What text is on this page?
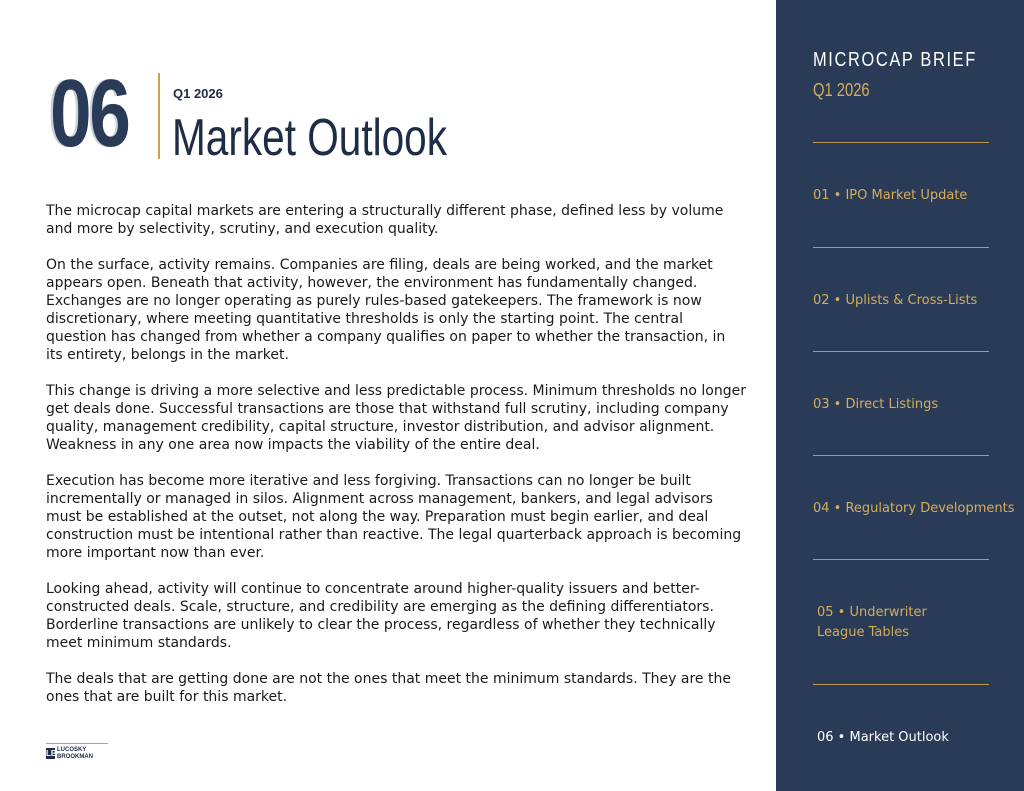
06	Q1 2026
Market Outlook

The microcap capital markets are entering a structurally different phase, defined less by volume and more by selectivity, scrutiny, and execution quality.

On the surface, activity remains. Companies are filing, deals are being worked, and the market appears open. Beneath that activity, however, the environment has fundamentally changed. Exchanges are no longer operating as purely rules-based gatekeepers. The framework is now discretionary, where meeting quantitative thresholds is only the starting point. The central question has changed from whether a company qualifies on paper to whether the transaction, in its entirety, belongs in the market.

This change is driving a more selective and less predictable process. Minimum thresholds no longer get deals done. Successful transactions are those that withstand full scrutiny, including company quality, management credibility, capital structure, investor distribution, and advisor alignment. Weakness in any one area now impacts the viability of the entire deal.

Execution has become more iterative and less forgiving. Transactions can no longer be built incrementally or managed in silos. Alignment across management, bankers, and legal advisors must be established at the outset, not along the way. Preparation must begin earlier, and deal construction must be intentional rather than reactive. The legal quarterback approach is becoming more important now than ever.

Looking ahead, activity will continue to concentrate around higher-quality issuers and better-constructed deals. Scale, structure, and credibility are emerging as the defining differentiators. Borderline transactions are unlikely to clear the process, regardless of whether they technically meet minimum standards.

The deals that are getting done are not the ones that meet the minimum standards. They are the ones that are built for this market.

LB LUCOSKY
BROOKMAN
MICROCAP BRIEF
Q1 2026
01 • IPO Market Update
02 • Uplists & Cross-Lists
03 • Direct Listings
04 • Regulatory Developments
05 • Underwriter League Tables
06 • Market Outlook
